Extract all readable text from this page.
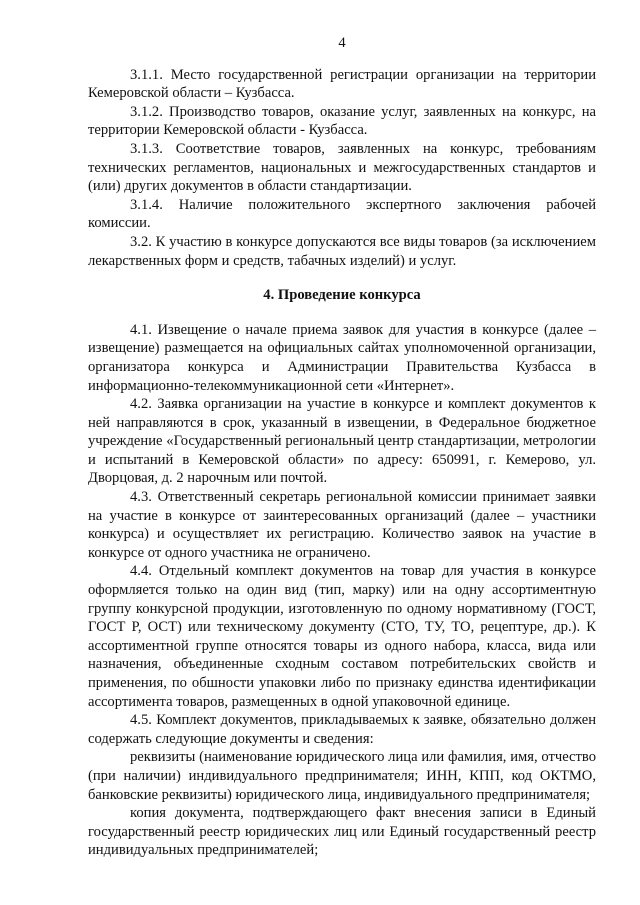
4

3.1.1. Место государственной регистрации организации на территории Кемеровской области – Кузбасса.

3.1.2. Производство товаров, оказание услуг, заявленных на конкурс, на территории Кемеровской области - Кузбасса.

3.1.3. Соответствие товаров, заявленных на конкурс, требованиям технических регламентов, национальных и межгосударственных стандартов и (или) других документов в области стандартизации.

3.1.4. Наличие положительного экспертного заключения рабочей комиссии.

3.2. К участию в конкурсе допускаются все виды товаров (за исключением лекарственных форм и средств, табачных изделий) и услуг.

4. Проведение конкурса

4.1. Извещение о начале приема заявок для участия в конкурсе (далее – извещение) размещается на официальных сайтах уполномоченной организации, организатора конкурса и Администрации Правительства Кузбасса в информационно-телекоммуникационной сети «Интернет».

4.2. Заявка организации на участие в конкурсе и комплект документов к ней направляются в срок, указанный в извещении, в Федеральное бюджетное учреждение «Государственный региональный центр стандартизации, метрологии и испытаний в Кемеровской области» по адресу: 650991, г. Кемерово, ул. Дворцовая, д. 2 нарочным или почтой.

4.3. Ответственный секретарь региональной комиссии принимает заявки на участие в конкурсе от заинтересованных организаций (далее – участники конкурса) и осуществляет их регистрацию. Количество заявок на участие в конкурсе от одного участника не ограничено.

4.4. Отдельный комплект документов на товар для участия в конкурсе оформляется только на один вид (тип, марку) или на одну ассортиментную группу конкурсной продукции, изготовленную по одному нормативному (ГОСТ, ГОСТ Р, ОСТ) или техническому документу (СТО, ТУ, ТО, рецептуре, др.). К ассортиментной группе относятся товары из одного набора, класса, вида или назначения, объединенные сходным составом потребительских свойств и применения, по обшности упаковки либо по признаку единства идентификации ассортимента товаров, размещенных в одной упаковочной единице.

4.5. Комплект документов, прикладываемых к заявке, обязательно должен содержать следующие документы и сведения:

реквизиты (наименование юридического лица или фамилия, имя, отчество (при наличии) индивидуального предпринимателя; ИНН, КПП, код ОКТМО, банковские реквизиты) юридического лица, индивидуального предпринимателя;

копия документа, подтверждающего факт внесения записи в Единый государственный реестр юридических лиц или Единый государственный реестр индивидуальных предпринимателей;
